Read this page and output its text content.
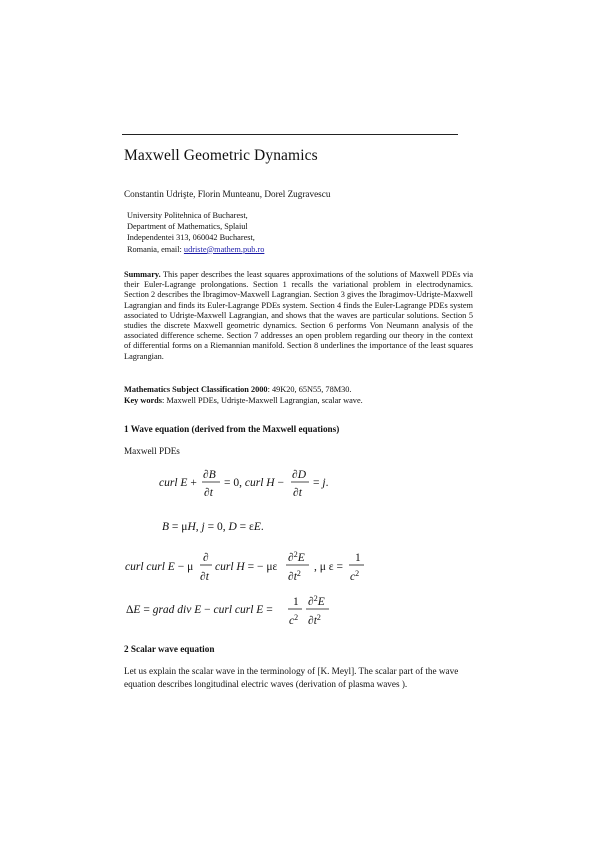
Maxwell Geometric Dynamics
Constantin Udrişte, Florin Munteanu, Dorel Zugravescu
University Politehnica of Bucharest,
Department of Mathematics, Splaiul
Independentei 313, 060042 Bucharest,
Romania, email: udriste@mathem.pub.ro
Summary. This paper describes the least squares approximations of the solutions of Maxwell PDEs via their Euler-Lagrange prolongations. Section 1 recalls the variational problem in electrodynamics. Section 2 describes the Ibragimov-Maxwell Lagrangian. Section 3 gives the Ibragimov-Udrişte-Maxwell Lagrangian and finds its Euler-Lagrange PDEs system. Section 4 finds the Euler-Lagrange PDEs system associated to Udrişte-Maxwell Lagrangian, and shows that the waves are particular solutions. Section 5 studies the discrete Maxwell geometric dynamics. Section 6 performs Von Neumann analysis of the associated difference scheme. Section 7 addresses an open problem regarding our theory in the context of differential forms on a Riemannian manifold. Section 8 underlines the importance of the least squares Lagrangian.
Mathematics Subject Classification 2000: 49K20, 65N55, 78M30.
Key words: Maxwell PDEs, Udrişte-Maxwell Lagrangian, scalar wave.
1 Wave equation (derived from the Maxwell equations)
Maxwell PDEs
curl E +
∂B
∂t
= 0, curl H −
∂D
∂t
= j.
B = μH, j = 0, D = εE.
curl curl E − μ
∂
∂t
curl H = − με
∂$^2$E
$\partial t^2$
, μ ε =
1
$c^2$
ΔE = grad div E − curl curl E =
1
$c^2$
∂$^2$E
$\partial t^2$
2 Scalar wave equation
Let us explain the scalar wave in the terminology of [K. Meyl]. The scalar part of the wave equation describes longitudinal electric waves (derivation of plasma waves ).
